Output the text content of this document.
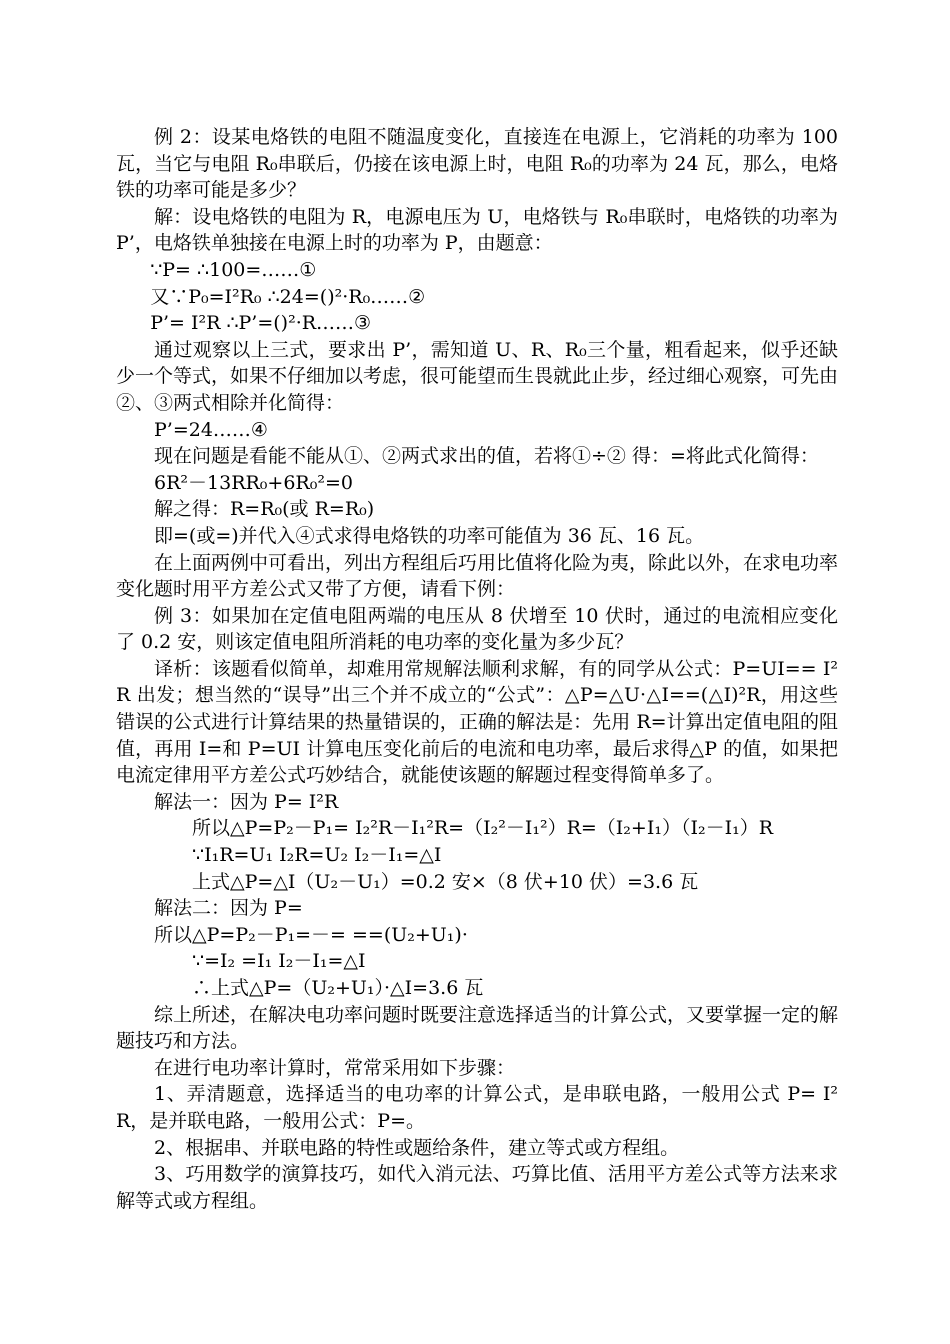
例 2：设某电烙铁的电阻不随温度变化，直接连在电源上，它消耗的功率为 100 瓦，当它与电阻 R₀串联后，仍接在该电源上时，电阻 R₀的功率为 24 瓦，那么，电烙铁的功率可能是多少？

解：设电烙铁的电阻为 R，电源电压为 U，电烙铁与 R₀串联时，电烙铁的功率为 P’，电烙铁单独接在电源上时的功率为 P，由题意：

∵P= ∴100=……①

又∵P₀=I²R₀ ∴24=()²·R₀……②

P’= I²R ∴P’=()²·R……③

通过观察以上三式，要求出 P’，需知道 U、R、R₀三个量，粗看起来，似乎还缺少一个等式，如果不仔细加以考虑，很可能望而生畏就此止步，经过细心观察，可先由②、③两式相除并化简得：

P’=24……④

现在问题是看能不能从①、②两式求出的值，若将①÷② 得：=将此式化简得：

6R²－13RR₀+6R₀²=0

解之得：R=R₀(或 R=R₀)

即=(或=)并代入④式求得电烙铁的功率可能值为 36 瓦、16 瓦。

在上面两例中可看出，列出方程组后巧用比值将化险为夷，除此以外，在求电功率变化题时用平方差公式又带了方便，请看下例：

例 3：如果加在定值电阻两端的电压从 8 伏增至 10 伏时，通过的电流相应变化了 0.2 安，则该定值电阻所消耗的电功率的变化量为多少瓦？

译析：该题看似简单，却难用常规解法顺利求解，有的同学从公式：P=UI== I²R 出发；想当然的“误导”出三个并不成立的“公式”：△P=△U·△I==(△I)²R，用这些错误的公式进行计算结果的热量错误的，正确的解法是：先用 R=计算出定值电阻的阻值，再用 I=和 P=UI 计算电压变化前后的电流和电功率，最后求得△P 的值，如果把电流定律用平方差公式巧妙结合，就能使该题的解题过程变得简单多了。

解法一：因为 P= I²R

所以△P=P₂－P₁= I₂²R－I₁²R=（I₂²－I₁²）R=（I₂+I₁）（I₂－I₁）R

∵I₁R=U₁ I₂R=U₂ I₂－I₁=△I

上式△P=△I（U₂－U₁）=0.2 安×（8 伏+10 伏）=3.6 瓦

解法二：因为 P=

所以△P=P₂－P₁=－= ==(U₂+U₁)·

∵=I₂ =I₁ I₂－I₁=△I

∴上式△P=（U₂+U₁）·△I=3.6 瓦

综上所述，在解决电功率问题时既要注意选择适当的计算公式，又要掌握一定的解题技巧和方法。

在进行电功率计算时，常常采用如下步骤：

1、弄清题意，选择适当的电功率的计算公式，是串联电路，一般用公式 P= I²R，是并联电路，一般用公式：P=。

2、根据串、并联电路的特性或题给条件，建立等式或方程组。

3、巧用数学的演算技巧，如代入消元法、巧算比值、活用平方差公式等方法来求解等式或方程组。
